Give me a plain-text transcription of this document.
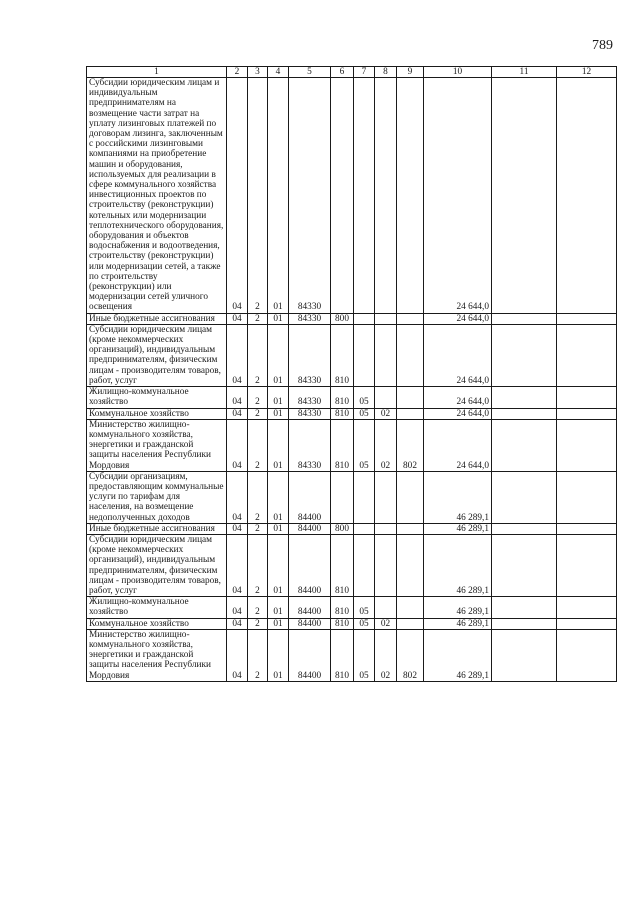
789
1	2	3	4	5	6	7	8	9	10	11	12
Субсидии юридическим лицам и индивидуальным предпринимателям на возмещение части затрат на уплату лизинговых платежей по договорам лизинга, заключенным с российскими лизинговыми компаниями на приобретение машин и оборудования, используемых для реализации в сфере коммунального хозяйства инвестиционных проектов по строительству (реконструкции) котельных или модернизации теплотехнического оборудования, оборудования и объектов водоснабжения и водоотведения, строительству (реконструкции) или модернизации сетей, а также по строительству (реконструкции) или модернизации сетей уличного освещения	04	2	01	84330					24 644,0		
Иные бюджетные ассигнования	04	2	01	84330	800				24 644,0		
Субсидии юридическим лицам (кроме некоммерческих организаций), индивидуальным предпринимателям, физическим лицам - производителям товаров, работ, услуг	04	2	01	84330	810				24 644,0		
Жилищно-коммунальное хозяйство	04	2	01	84330	810	05			24 644,0		
Коммунальное хозяйство	04	2	01	84330	810	05	02		24 644,0		
Министерство жилищно-коммунального хозяйства, энергетики и гражданской защиты населения Республики Мордовия	04	2	01	84330	810	05	02	802	24 644,0		
Субсидии организациям, предоставляющим коммунальные услуги по тарифам для населения, на возмещение недополученных доходов	04	2	01	84400					46 289,1		
Иные бюджетные ассигнования	04	2	01	84400	800				46 289,1		
Субсидии юридическим лицам (кроме некоммерческих организаций), индивидуальным предпринимателям, физическим лицам - производителям товаров, работ, услуг	04	2	01	84400	810				46 289,1		
Жилищно-коммунальное хозяйство	04	2	01	84400	810	05			46 289,1		
Коммунальное хозяйство	04	2	01	84400	810	05	02		46 289,1		
Министерство жилищно-коммунального хозяйства, энергетики и гражданской защиты населения Республики Мордовия	04	2	01	84400	810	05	02	802	46 289,1		
